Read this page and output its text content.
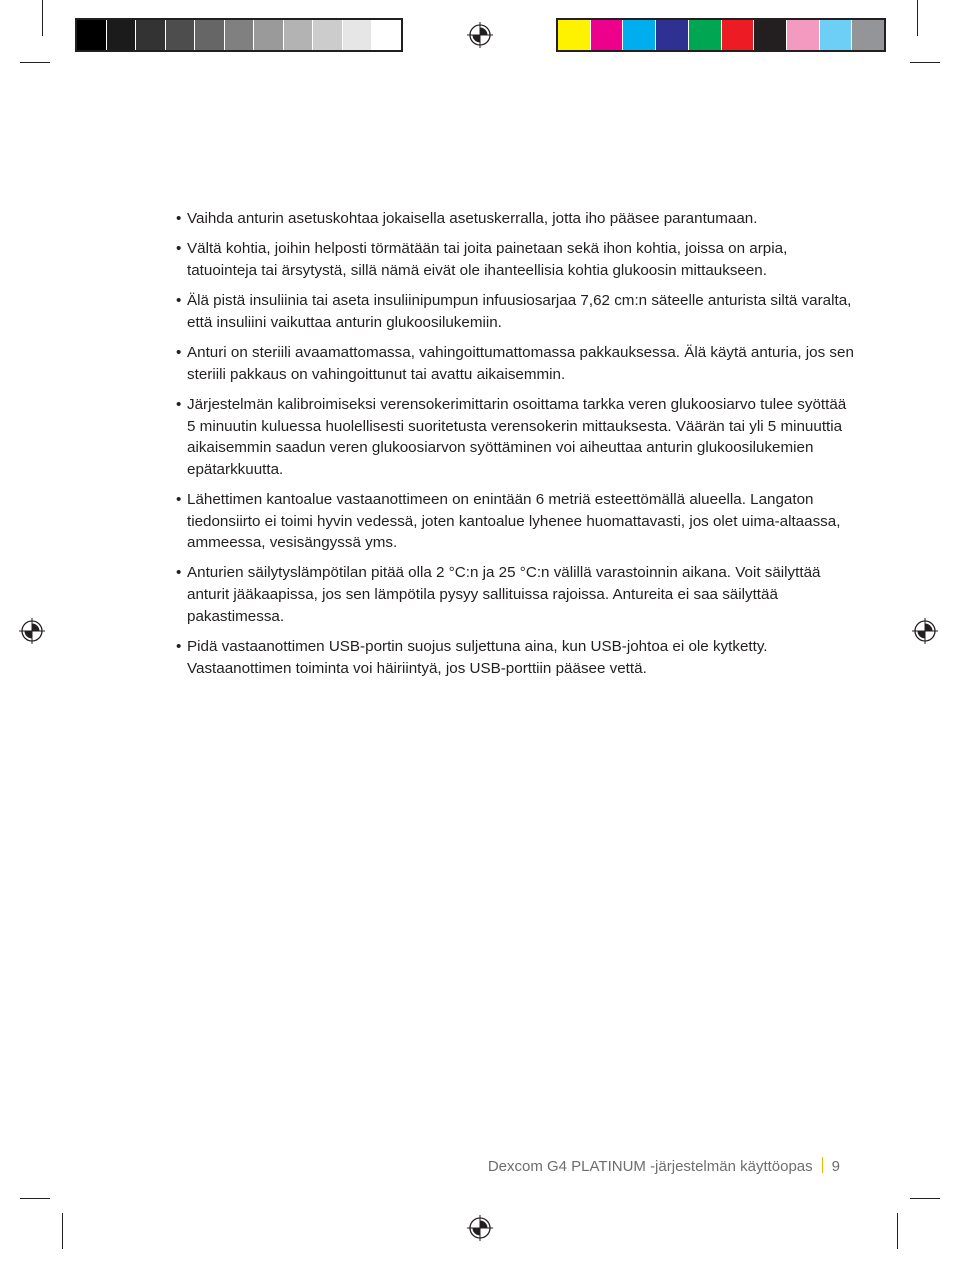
• Vaihda anturin asetuskohtaa jokaisella asetuskerralla, jotta iho pääsee parantumaan.
• Vältä kohtia, joihin helposti törmätään tai joita painetaan sekä ihon kohtia, joissa on arpia, tatuointeja tai ärsytystä, sillä nämä eivät ole ihanteellisia kohtia glukoosin mittaukseen.
• Älä pistä insuliinia tai aseta insuliinipumpun infuusiosarjaa 7,62 cm:n säteelle anturista siltä varalta, että insuliini vaikuttaa anturin glukoosilukemiin.
• Anturi on steriili avaamattomassa, vahingoittumattomassa pakkauksessa. Älä käytä anturia, jos sen steriili pakkaus on vahingoittunut tai avattu aikaisemmin.
• Järjestelmän kalibroimiseksi verensokerimittarin osoittama tarkka veren glukoosiarvo tulee syöttää 5 minuutin kuluessa huolellisesti suoritetusta verensokerin mittauksesta. Väärän tai yli 5 minuuttia aikaisemmin saadun veren glukoosiarvon syöttäminen voi aiheuttaa anturin glukoosilukemien epätarkkuutta.
• Lähettimen kantoalue vastaanottimeen on enintään 6 metriä esteettömällä alueella. Langaton tiedonsiirto ei toimi hyvin vedessä, joten kantoalue lyhenee huomattavasti, jos olet uima-altaassa, ammeessa, vesisängyssä yms.
• Anturien säilytyslämpötilan pitää olla 2 °C:n ja 25 °C:n välillä varastoinnin aikana. Voit säilyttää anturit jääkaapissa, jos sen lämpötila pysyy sallituissa rajoissa. Antureita ei saa säilyttää pakastimessa.
• Pidä vastaanottimen USB-portin suojus suljettuna aina, kun USB-johtoa ei ole kytketty. Vastaanottimen toiminta voi häiriintyä, jos USB-porttiin pääsee vettä.
Dexcom G4 PLATINUM -järjestelmän käyttöopas 9
